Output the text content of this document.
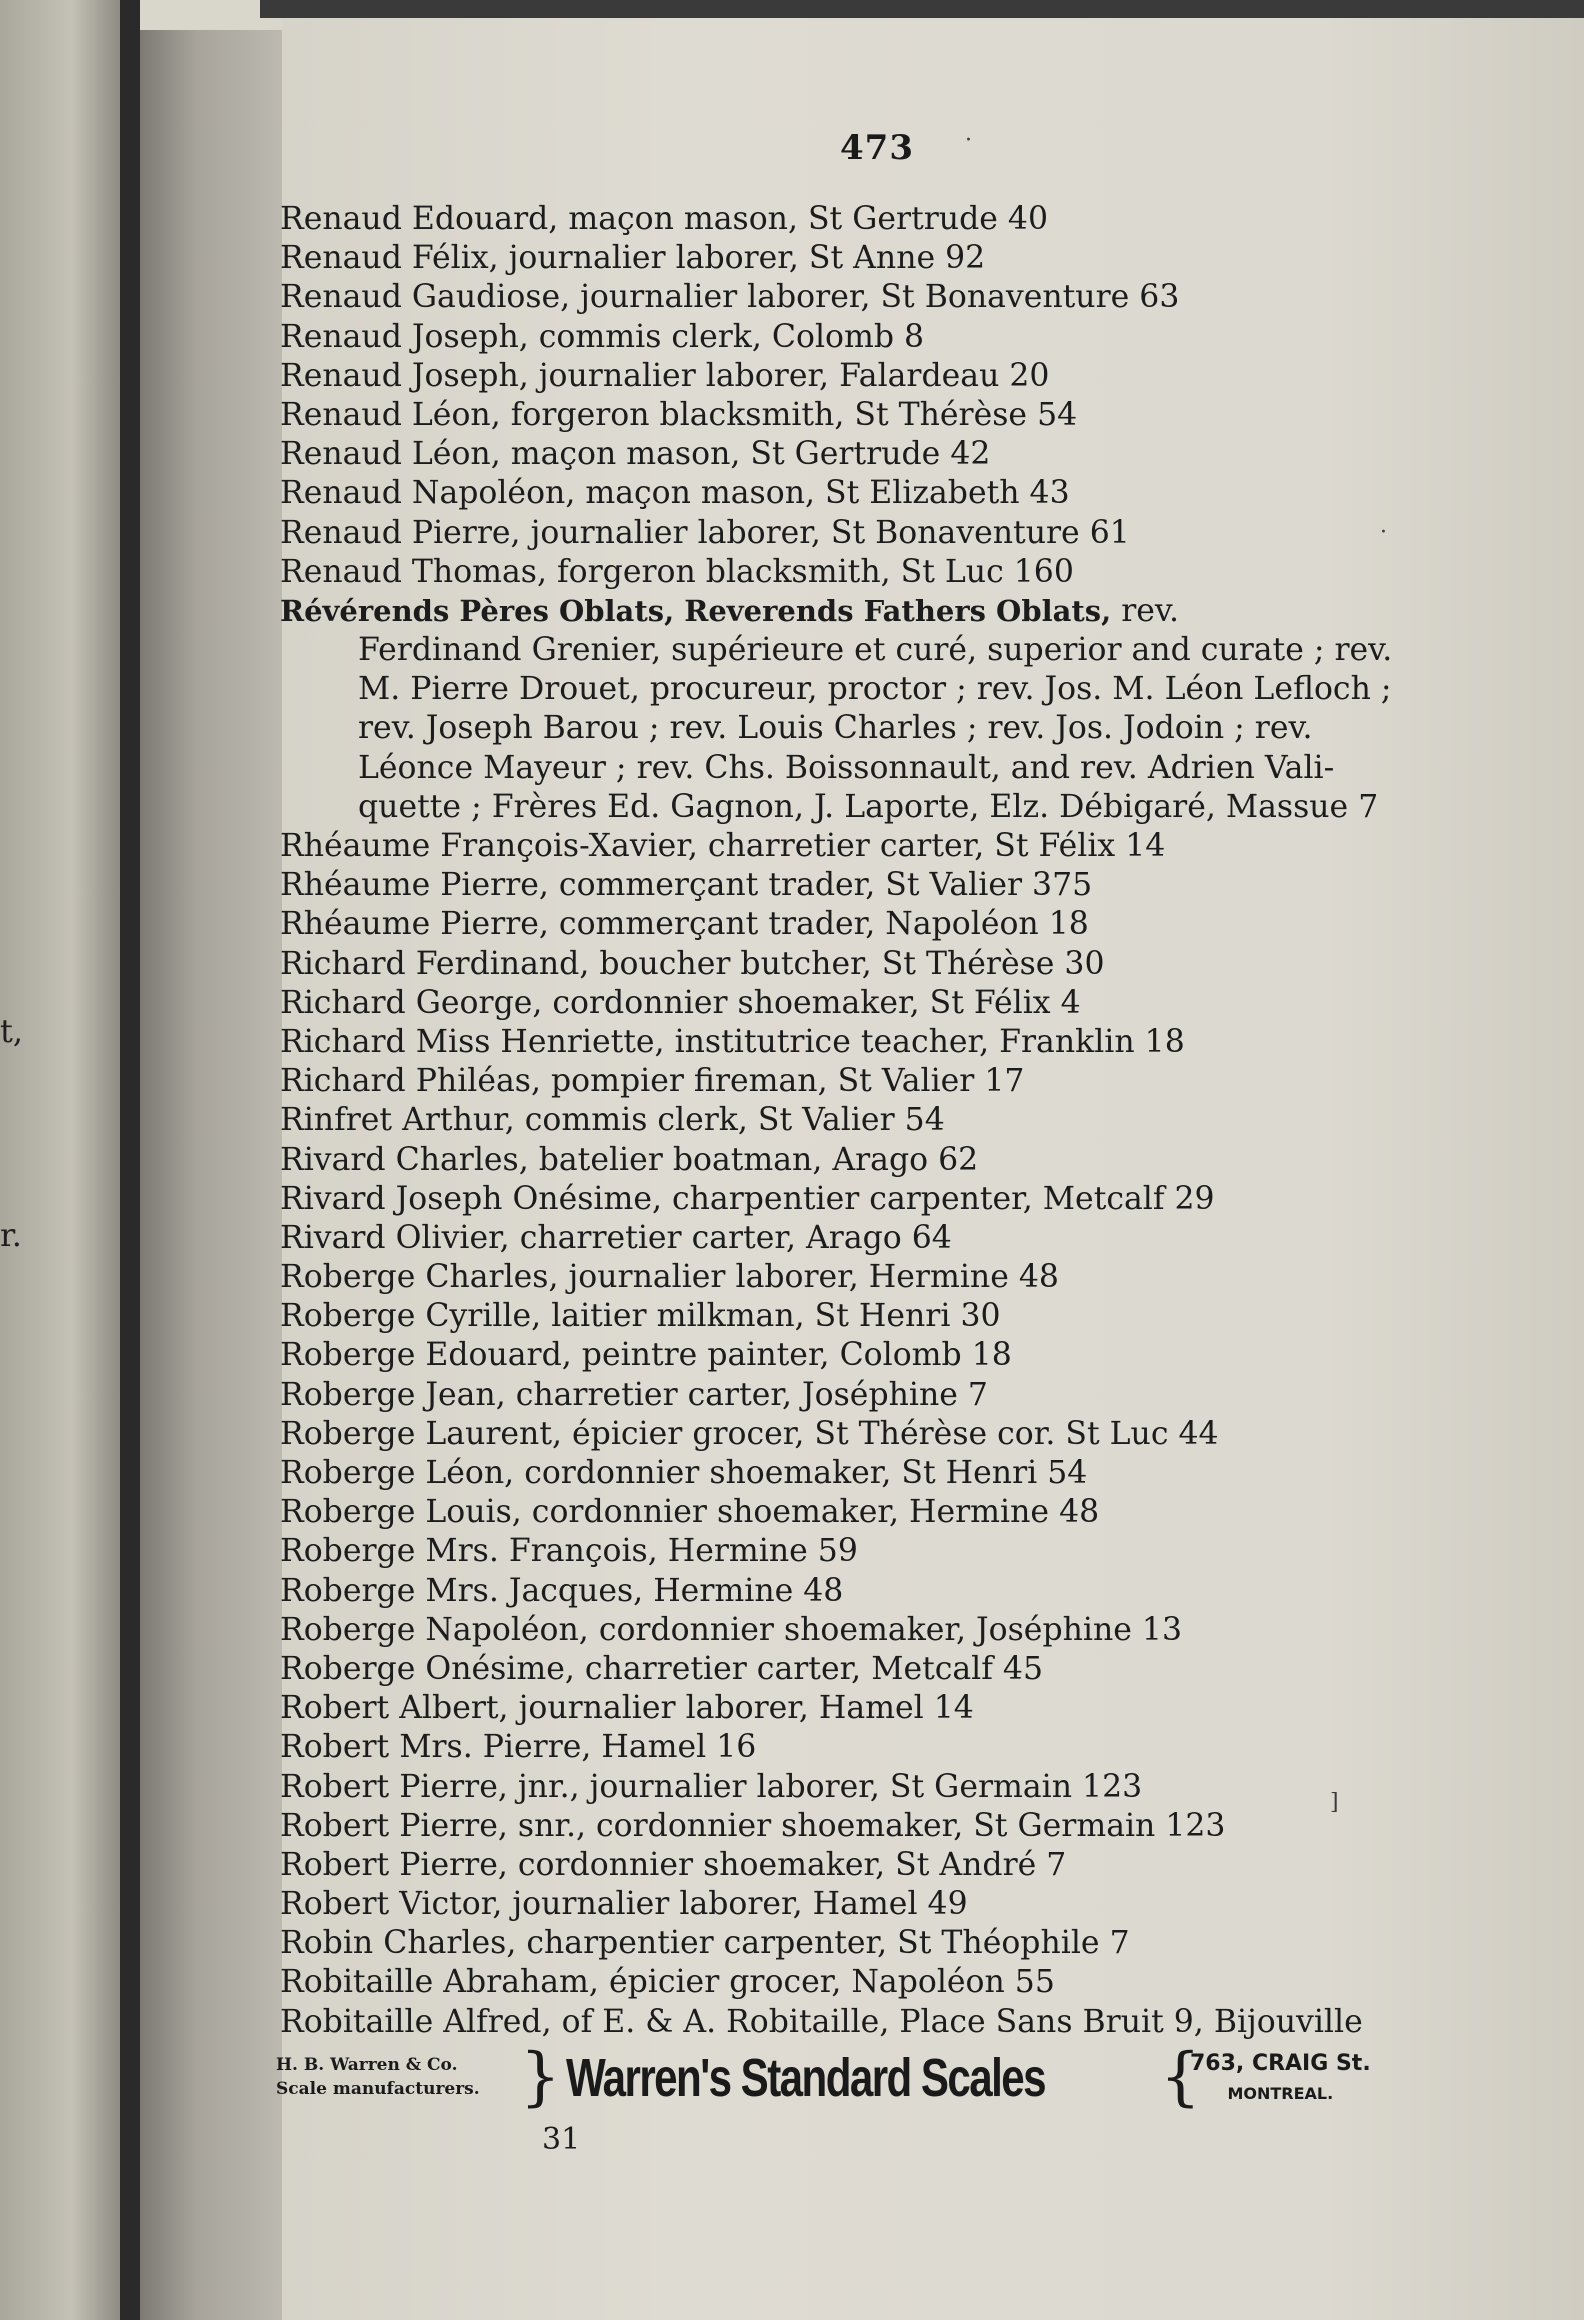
t,
r.
473 ·
Renaud Edouard, maçon mason, St Gertrude 40
Renaud Félix, journalier laborer, St Anne 92
Renaud Gaudiose, journalier laborer, St Bonaventure 63
Renaud Joseph, commis clerk, Colomb 8
Renaud Joseph, journalier laborer, Falardeau 20
Renaud Léon, forgeron blacksmith, St Thérèse 54
Renaud Léon, maçon mason, St Gertrude 42
Renaud Napoléon, maçon mason, St Elizabeth 43
Renaud Pierre, journalier laborer, St Bonaventure 61
Renaud Thomas, forgeron blacksmith, St Luc 160
Révérends Pères Oblats, Reverends Fathers Oblats, rev.
Ferdinand Grenier, supérieure et curé, superior and curate ; rev.
M. Pierre Drouet, procureur, proctor ; rev. Jos. M. Léon Lefloch ;
rev. Joseph Barou ; rev. Louis Charles ; rev. Jos. Jodoin ; rev.
Léonce Mayeur ; rev. Chs. Boissonnault, and rev. Adrien Vali-
quette ; Frères Ed. Gagnon, J. Laporte, Elz. Débigaré, Massue 7
Rhéaume François-Xavier, charretier carter, St Félix 14
Rhéaume Pierre, commerçant trader, St Valier 375
Rhéaume Pierre, commerçant trader, Napoléon 18
Richard Ferdinand, boucher butcher, St Thérèse 30
Richard George, cordonnier shoemaker, St Félix 4
Richard Miss Henriette, institutrice teacher, Franklin 18
Richard Philéas, pompier fireman, St Valier 17
Rinfret Arthur, commis clerk, St Valier 54
Rivard Charles, batelier boatman, Arago 62
Rivard Joseph Onésime, charpentier carpenter, Metcalf 29
Rivard Olivier, charretier carter, Arago 64
Roberge Charles, journalier laborer, Hermine 48
Roberge Cyrille, laitier milkman, St Henri 30
Roberge Edouard, peintre painter, Colomb 18
Roberge Jean, charretier carter, Joséphine 7
Roberge Laurent, épicier grocer, St Thérèse cor. St Luc 44
Roberge Léon, cordonnier shoemaker, St Henri 54
Roberge Louis, cordonnier shoemaker, Hermine 48
Roberge Mrs. François, Hermine 59
Roberge Mrs. Jacques, Hermine 48
Roberge Napoléon, cordonnier shoemaker, Joséphine 13
Roberge Onésime, charretier carter, Metcalf 45
Robert Albert, journalier laborer, Hamel 14
Robert Mrs. Pierre, Hamel 16
Robert Pierre, jnr., journalier laborer, St Germain 123
Robert Pierre, snr., cordonnier shoemaker, St Germain 123
Robert Pierre, cordonnier shoemaker, St André 7
Robert Victor, journalier laborer, Hamel 49
Robin Charles, charpentier carpenter, St Théophile 7
Robitaille Abraham, épicier grocer, Napoléon 55
Robitaille Alfred, of E. & A. Robitaille, Place Sans Bruit 9, Bijouville
H. B. Warren & Co.
Scale manufacturers. } Warren's Standard Scales {
763, CRAIG St.
MONTREAL.
31
·
]
